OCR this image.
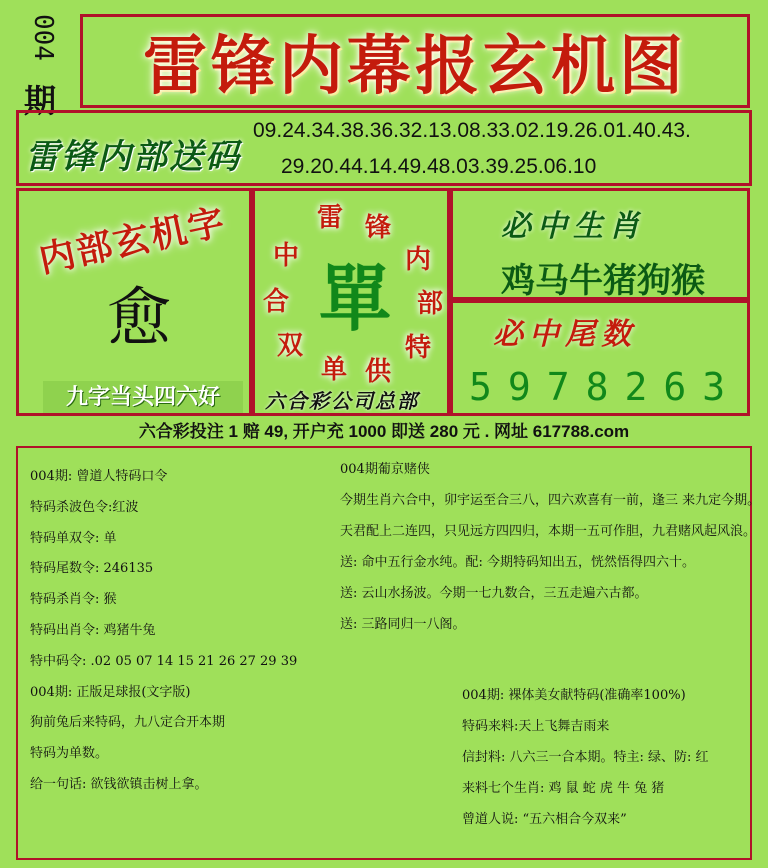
004
期	雷锋内幕报玄机图
雷锋内部送码
09.24.34.38.36.32.13.08.33.02.19.26.01.40.43.
29.20.44.14.49.48.03.39.25.06.10
内部玄机字
愈
九字当头四六好
雷 锋
内
部
特
供
单
双
合
中 單
六合彩公司总部
必中生肖
鸡马牛猪狗猴
必中尾数
5978263
六合彩投注 1 赔 49, 开户充 1000 即送 280 元 . 网址 617788.com

004期: 曾道人特码口令

特码杀波色令:红波

特码单双令: 单

特码尾数令: 246135

特码杀肖令: 猴

特码出肖令: 鸡猪牛兔

特中码令: .02 05 07 14 15 21 26 27 29 39

004期: 正版足球报(文字版)

狗前兔后来特码，九八定合开本期

特码为单数。

给一句话: 欲钱欲镇击树上拿。

004期葡京赌侠

今期生肖六合中，卯宇运至合三八，四六欢喜有一前，逢三 来九定今期。

天君配上二连四，只见远方四四归，本期一五可作胆，九君赌风起风浪。

送: 命中五行金水纯。配: 今期特码知出五，恍然悟得四六十。

送: 云山水扬波。今期一七九数合，三五走遍六古都。

送: 三路同归一八阁。

004期: 裸体美女献特码(准确率100%)

特码来料:天上飞舞吉雨来

信封料: 八六三一合本期。特主: 绿、防: 红

来料七个生肖: 鸡 鼠 蛇 虎 牛 兔 猪

曾道人说: “五六相合今双来”
